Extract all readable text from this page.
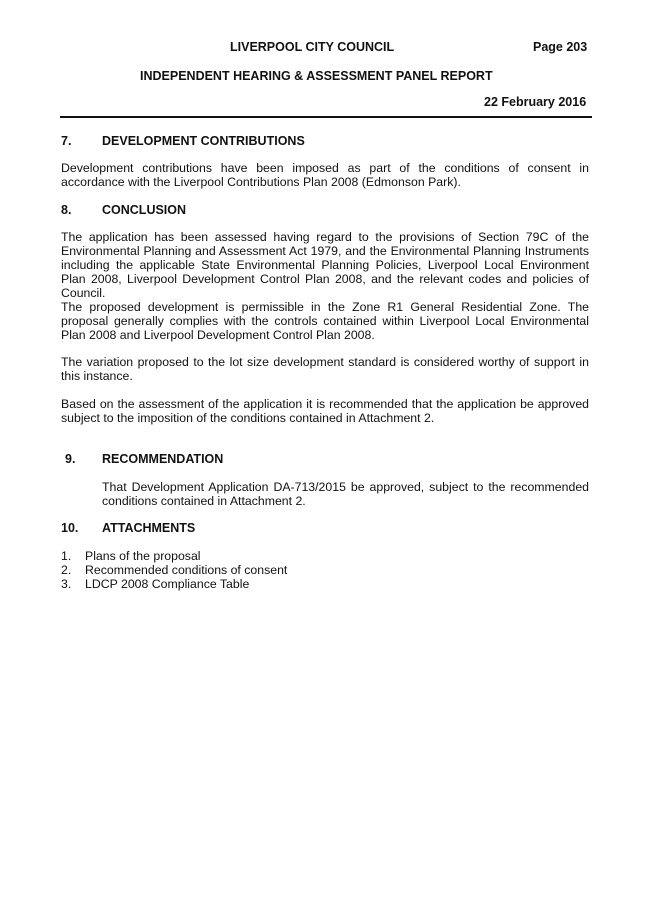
LIVERPOOL CITY COUNCIL	Page 203
INDEPENDENT HEARING & ASSESSMENT PANEL REPORT
22 February 2016
7. DEVELOPMENT CONTRIBUTIONS
Development contributions have been imposed as part of the conditions of consent in accordance with the Liverpool Contributions Plan 2008 (Edmonson Park).
8. CONCLUSION
The application has been assessed having regard to the provisions of Section 79C of the Environmental Planning and Assessment Act 1979, and the Environmental Planning Instruments including the applicable State Environmental Planning Policies, Liverpool Local Environment Plan 2008, Liverpool Development Control Plan 2008, and the relevant codes and policies of Council.
The proposed development is permissible in the Zone R1 General Residential Zone. The proposal generally complies with the controls contained within Liverpool Local Environmental Plan 2008 and Liverpool Development Control Plan 2008.
The variation proposed to the lot size development standard is considered worthy of support in this instance.
Based on the assessment of the application it is recommended that the application be approved subject to the imposition of the conditions contained in Attachment 2.
9. RECOMMENDATION
That Development Application DA-713/2015 be approved, subject to the recommended conditions contained in Attachment 2.
10. ATTACHMENTS
1. Plans of the proposal
2. Recommended conditions of consent
3. LDCP 2008 Compliance Table
